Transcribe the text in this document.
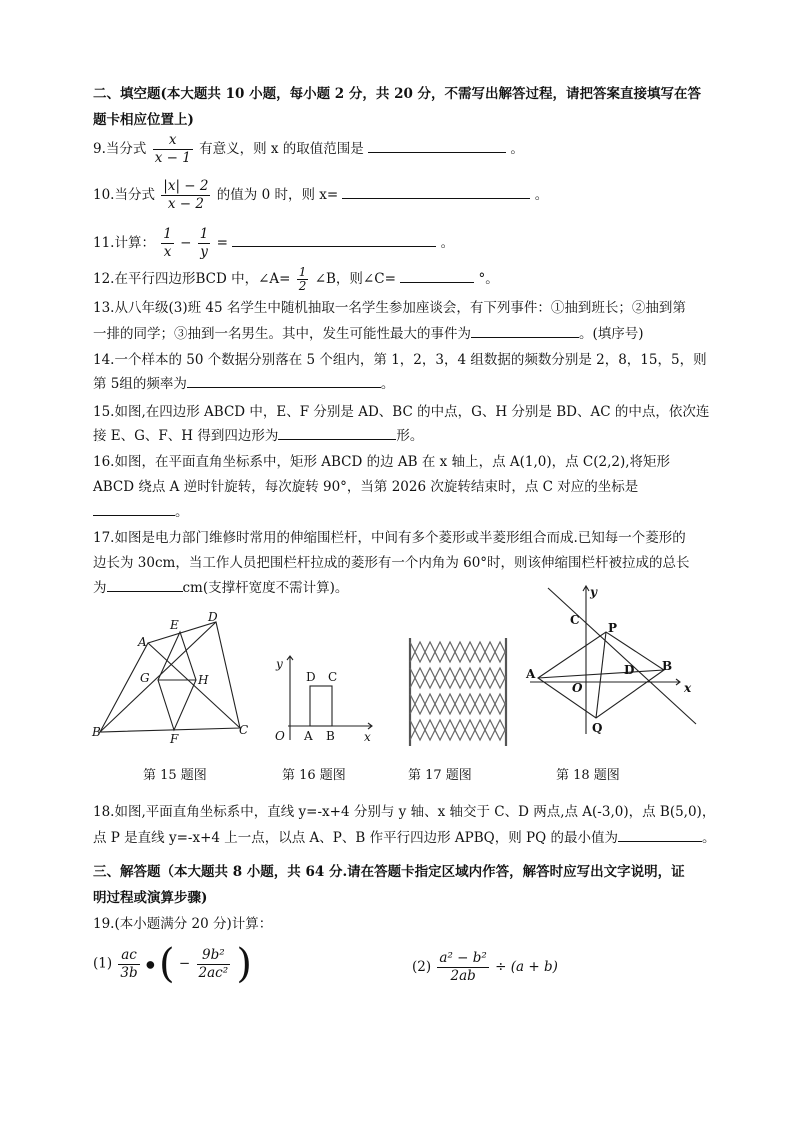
二、填空题(本大题共 10 小题，每小题 2 分，共 20 分，不需写出解答过程，请把答案直接填写在答
题卡相应位置上)
9.当分式 $\frac{x}{x - 1}$ 有意义，则 x 的取值范围是	。
10.当分式 $\frac{|x| - 2}{x - 2}$ 的值为 0 时，则 x=	。
11.计算： $\frac{1}{x} - \frac{1}{y}$ =	。
12.在平行四边形BCD 中，∠A= $\frac{1}{2}$ ∠B，则∠C=	°。
13.从八年级(3)班 45 名学生中随机抽取一名学生参加座谈会，有下列事件：①抽到班长；②抽到第
一排的同学；③抽到一名男生。其中，发生可能性最大的事件为	。(填序号)
14.一个样本的 50 个数据分别落在 5 个组内，第 1，2，3，4 组数据的频数分别是 2，8，15，5，则
第 5组的频率为	。
15.如图,在四边形 ABCD 中，E、F 分别是 AD、BC 的中点，G、H 分别是 BD、AC 的中点，依次连
接 E、G、F、H 得到四边形为	形。
16.如图，在平面直角坐标系中，矩形 ABCD 的边 AB 在 x 轴上，点 A(1,0)，点 C(2,2),将矩形
ABCD 绕点 A 逆时针旋转，每次旋转 90°，当第 2026 次旋转结束时，点 C 对应的坐标是
。
17.如图是电力部门维修时常用的伸缩围栏杆，中间有多个菱形或半菱形组合而成.已知每一个菱形的
边长为 30cm，当工作人员把围栏杆拉成的菱形有一个内角为 60°时，则该伸缩围栏杆被拉成的总长
为	cm(支撑杆宽度不需计算)。
A
E
D
G	H
B	F
C
第 15 题图
y
D C
O A B x
第 16 题图	第 17 题图
y
C
P
A
O
D B
x
Q
第 18 题图
18.如图,平面直角坐标系中，直线 y=-x+4 分别与 y 轴、x 轴交于 C、D 两点,点 A(-3,0)，点 B(5,0)，
点 P 是直线 y=-x+4 上一点，以点 A、P、B 作平行四边形 APBQ，则 PQ 的最小值为	。
三、解答题（本大题共 8 小题，共 64 分.请在答题卡指定区域内作答，解答时应写出文字说明，证
明过程或演算步骤)
19.(本小题满分 20 分)计算：
$(1) \frac{ac}{3b}$ ● ( − $\frac{\text{9b²}}{\text{2ac²}}$ )	$(2) \frac{\text{a² − b²}}{2ab} \div (a + b)$
